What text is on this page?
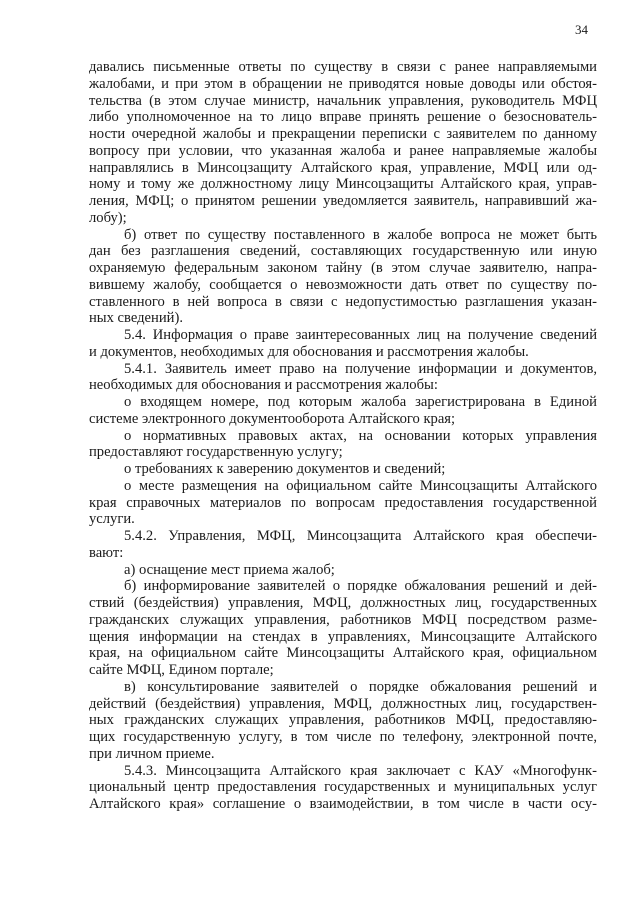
34
давались письменные ответы по существу в связи с ранее направляемыми
жалобами, и при этом в обращении не приводятся новые доводы или обстоя-
тельства (в этом случае министр, начальник управления, руководитель МФЦ
либо уполномоченное на то лицо вправе принять решение о безоснователь-
ности очередной жалобы и прекращении переписки с заявителем по данному
вопросу при условии, что указанная жалоба и ранее направляемые жалобы
направлялись в Минсоцзащиту Алтайского края, управление, МФЦ или од-
ному и тому же должностному лицу Минсоцзащиты Алтайского края, управ-
ления, МФЦ; о принятом решении уведомляется заявитель, направивший жа-
лобу);
б) ответ по существу поставленного в жалобе вопроса не может быть
дан без разглашения сведений, составляющих государственную или иную
охраняемую федеральным законом тайну (в этом случае заявителю, напра-
вившему жалобу, сообщается о невозможности дать ответ по существу по-
ставленного в ней вопроса в связи с недопустимостью разглашения указан-
ных сведений).
5.4. Информация о праве заинтересованных лиц на получение сведений
и документов, необходимых для обоснования и рассмотрения жалобы.
5.4.1. Заявитель имеет право на получение информации и документов,
необходимых для обоснования и рассмотрения жалобы:
о входящем номере, под которым жалоба зарегистрирована в Единой
системе электронного документооборота Алтайского края;
о нормативных правовых актах, на основании которых управления
предоставляют государственную услугу;
о требованиях к заверению документов и сведений;
о месте размещения на официальном сайте Минсоцзащиты Алтайского
края справочных материалов по вопросам предоставления государственной
услуги.
5.4.2. Управления, МФЦ, Минсоцзащита Алтайского края обеспечи-
вают:
а) оснащение мест приема жалоб;
б) информирование заявителей о порядке обжалования решений и дей-
ствий (бездействия) управления, МФЦ, должностных лиц, государственных
гражданских служащих управления, работников МФЦ посредством разме-
щения информации на стендах в управлениях, Минсоцзащите Алтайского
края, на официальном сайте Минсоцзащиты Алтайского края, официальном
сайте МФЦ, Едином портале;
в) консультирование заявителей о порядке обжалования решений и
действий (бездействия) управления, МФЦ, должностных лиц, государствен-
ных гражданских служащих управления, работников МФЦ, предоставляю-
щих государственную услугу, в том числе по телефону, электронной почте,
при личном приеме.
5.4.3. Минсоцзащита Алтайского края заключает с КАУ «Многофунк-
циональный центр предоставления государственных и муниципальных услуг
Алтайского края» соглашение о взаимодействии, в том числе в части осу-
